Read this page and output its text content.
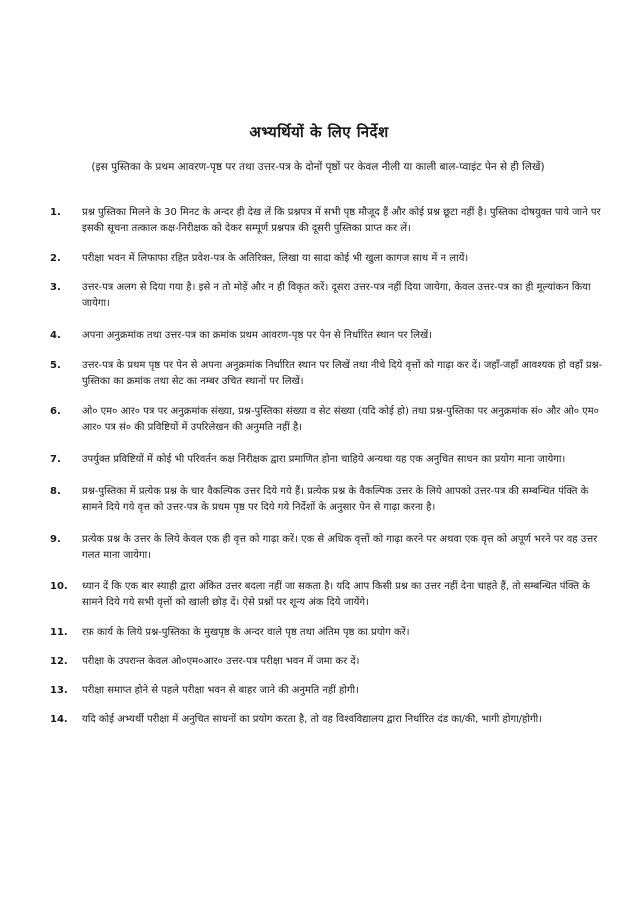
अभ्यर्थियों के लिए निर्देश
(इस पुस्तिका के प्रथम आवरण-पृष्ठ पर तथा उत्तर-पत्र के दोनों पृष्ठों पर केवल नीली या काली बाल-प्वाइंट पेन से ही लिखें)
1. प्रश्न पुस्तिका मिलने के 30 मिनट के अन्दर ही देख लें कि प्रश्नपत्र में सभी पृष्ठ मौजूद हैं और कोई प्रश्न छूटा नहीं है। पुस्तिका दोषयुक्त पाये जाने पर इसकी सूचना तत्काल कक्ष-निरीक्षक को देकर सम्पूर्ण प्रश्नपत्र की दूसरी पुस्तिका प्राप्त कर लें।
2. परीक्षा भवन में लिफाफा रहित प्रवेश-पत्र के अतिरिक्त, लिखा या सादा कोई भी खुला कागज साथ में न लायें।
3. उत्तर-पत्र अलग से दिया गया है। इसे न तो मोड़ें और न ही विकृत करें। दूसरा उत्तर-पत्र नहीं दिया जायेगा, केवल उत्तर-पत्र का ही मूल्यांकन किया जायेगा।
4. अपना अनुक्रमांक तथा उत्तर-पत्र का क्रमांक प्रथम आवरण-पृष्ठ पर पेन से निर्धारित स्थान पर लिखें।
5. उत्तर-पत्र के प्रथम पृष्ठ पर पेन से अपना अनुक्रमांक निर्धारित स्थान पर लिखें तथा नीचे दिये वृत्तों को गाढ़ा कर दें। जहाँ-जहाँ आवश्यक हो वहाँ प्रश्न-पुस्तिका का क्रमांक तथा सेट का नम्बर उचित स्थानों पर लिखें।
6. ओ० एम० आर० पत्र पर अनुक्रमांक संख्या, प्रश्न-पुस्तिका संख्या व सेट संख्या (यदि कोई हो) तथा प्रश्न-पुस्तिका पर अनुक्रमांक सं० और ओ० एम० आर० पत्र सं० की प्रविष्टियों में उपरिलेखन की अनुमति नहीं है।
7. उपर्युक्त प्रविष्टियों में कोई भी परिवर्तन कक्ष निरीक्षक द्वारा प्रमाणित होना चाहिये अन्यथा यह एक अनुचित साधन का प्रयोग माना जायेगा।
8. प्रश्न-पुस्तिका में प्रत्येक प्रश्न के चार वैकल्पिक उत्तर दिये गये हैं। प्रत्येक प्रश्न के वैकल्पिक उत्तर के लिये आपको उत्तर-पत्र की सम्बन्धित पंक्ति के सामने दिये गये वृत्त को उत्तर-पत्र के प्रथम पृष्ठ पर दिये गये निर्देशों के अनुसार पेन से गाढ़ा करना है।
9. प्रत्येक प्रश्न के उत्तर के लिये केवल एक ही वृत्त को गाढ़ा करें। एक से अधिक वृत्तों को गाढ़ा करने पर अथवा एक वृत्त को अपूर्ण भरने पर वह उत्तर गलत माना जायेगा।
10. ध्यान दें कि एक बार स्याही द्वारा अंकित उत्तर बदला नहीं जा सकता है। यदि आप किसी प्रश्न का उत्तर नहीं देना चाहते हैं, तो सम्बन्धित पंक्ति के सामने दिये गये सभी वृत्तों को खाली छोड़ दें। ऐसे प्रश्नों पर शून्य अंक दिये जायेंगे।
11. रफ़ कार्य के लिये प्रश्न-पुस्तिका के मुखपृष्ठ के अन्दर वाले पृष्ठ तथा अंतिम पृष्ठ का प्रयोग करें।
12. परीक्षा के उपरान्त केवल ओ०एम०आर० उत्तर-पत्र परीक्षा भवन में जमा कर दें।
13. परीक्षा समाप्त होने से पहले परीक्षा भवन से बाहर जाने की अनुमति नहीं होगी।
14. यदि कोई अभ्यर्थी परीक्षा में अनुचित साधनों का प्रयोग करता है, तो वह विश्वविद्यालय द्वारा निर्धारित दंड का/की, भागी होगा/होगी।
